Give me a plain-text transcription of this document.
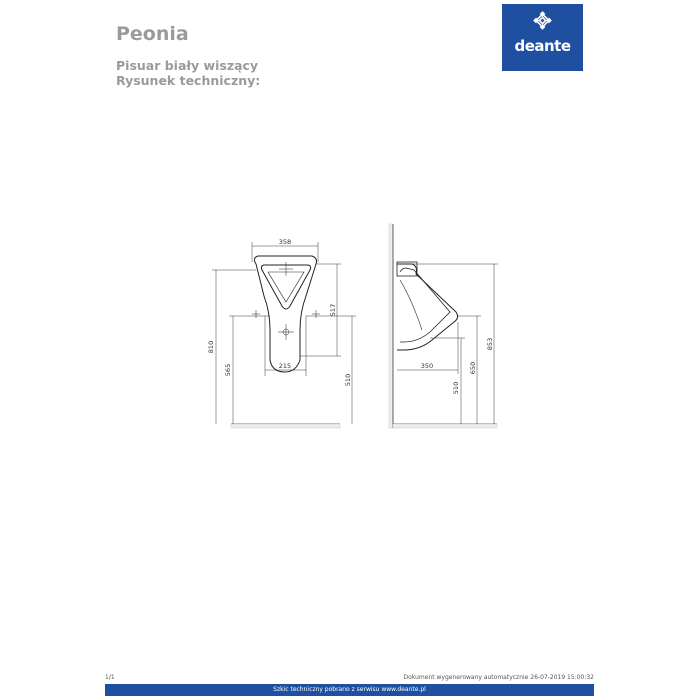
Peonia
Pisuar biały wiszący
Rysunek techniczny:
deante
358
215
810
565
517
510
350
510
650
853
1/1	Dokument wygenerowany automatycznie 26-07-2019 15:00:32
Szkic techniczny pobrano z serwisu www.deante.pl
